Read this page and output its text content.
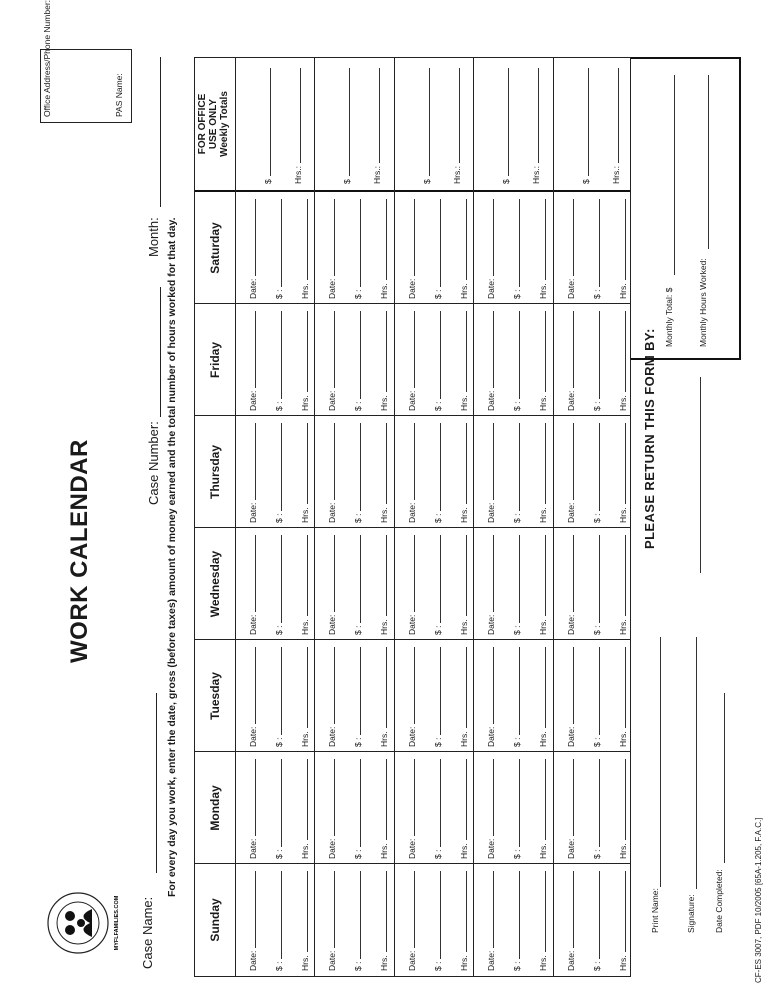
MYFLFAMILIES.COM
WORK CALENDAR
Office Address/Phone Number:	PAS Name:
Case Name:
Case Number:
Month: For every day you work, enter the date, gross (before taxes) amount of money earned and the total number of hours worked for that day.
Sunday
Monday
Tuesday
Wednesday
Thursday
Friday
Saturday
FOR OFFICE USE ONLY Weekly Totals
Date: $ : Hrs.
Date: $ : Hrs.
Date: $ : Hrs.
Date: $ : Hrs.
Date: $ : Hrs.
Date: $ : Hrs.
Date: $ : Hrs.
$ Hrs.:
Date: $ : Hrs.
Date: $ : Hrs.
Date: $ : Hrs.
Date: $ : Hrs.
Date: $ : Hrs.
Date: $ : Hrs.
Date: $ : Hrs.
$ Hrs.:
Date: $ : Hrs.
Date: $ : Hrs.
Date: $ : Hrs.
Date: $ : Hrs.
Date: $ : Hrs.
Date: $ : Hrs.
Date: $ : Hrs.
$ Hrs.:
Date: $ : Hrs.
Date: $ : Hrs.
Date: $ : Hrs.
Date: $ : Hrs.
Date: $ : Hrs.
Date: $ : Hrs.
Date: $ : Hrs.
$ Hrs.:
Date: $ : Hrs.
Date: $ : Hrs.
Date: $ : Hrs.
Date: $ : Hrs.
Date: $ : Hrs.
Date: $ : Hrs.
Date: $ : Hrs.
$ Hrs.:
Print Name:	Signature: Date Completed:
PLEASE RETURN THIS FORM BY:
Monthly Total: $	Monthly Hours Worked:
CF-ES 3007, PDF 10/2005 [65A-1.205, F.A.C.]
